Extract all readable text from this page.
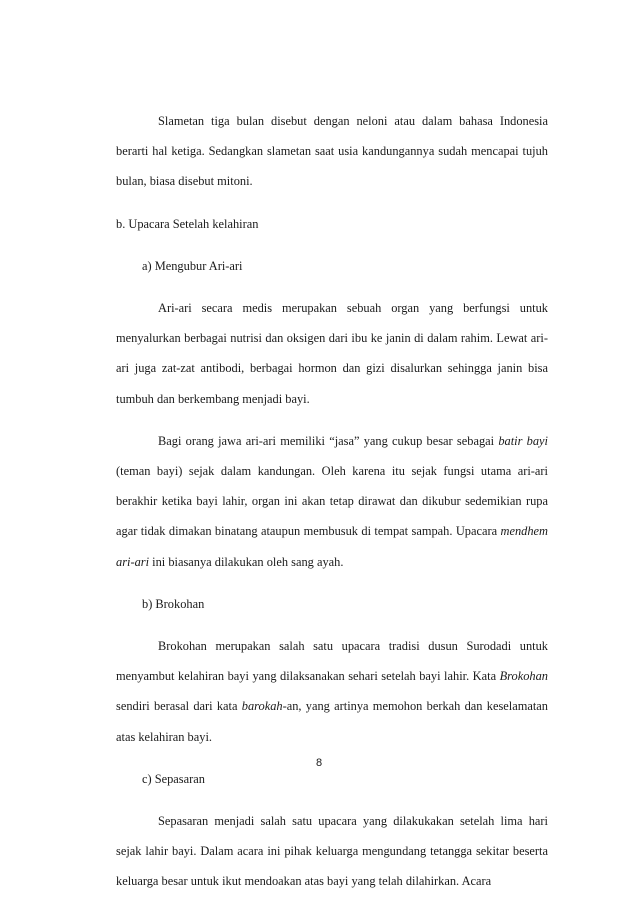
Slametan tiga bulan disebut dengan neloni atau dalam bahasa Indonesia berarti hal ketiga. Sedangkan slametan saat usia kandungannya sudah mencapai tujuh bulan, biasa disebut mitoni.

b. Upacara Setelah kelahiran

a) Mengubur Ari-ari

Ari-ari secara medis merupakan sebuah organ yang berfungsi untuk menyalurkan berbagai nutrisi dan oksigen dari ibu ke janin di dalam rahim. Lewat ari-ari juga zat-zat antibodi, berbagai hormon dan gizi disalurkan sehingga janin bisa tumbuh dan berkembang menjadi bayi.

Bagi orang jawa ari-ari memiliki “jasa” yang cukup besar sebagai batir bayi (teman bayi) sejak dalam kandungan. Oleh karena itu sejak fungsi utama ari-ari berakhir ketika bayi lahir, organ ini akan tetap dirawat dan dikubur sedemikian rupa agar tidak dimakan binatang ataupun membusuk di tempat sampah. Upacara mendhem ari-ari ini biasanya dilakukan oleh sang ayah.

b) Brokohan

Brokohan merupakan salah satu upacara tradisi dusun Surodadi untuk menyambut kelahiran bayi yang dilaksanakan sehari setelah bayi lahir. Kata Brokohan sendiri berasal dari kata barokah-an, yang artinya memohon berkah dan keselamatan atas kelahiran bayi.

c) Sepasaran

Sepasaran menjadi salah satu upacara yang dilakukakan setelah lima hari sejak lahir bayi. Dalam acara ini pihak keluarga mengundang tetangga sekitar beserta keluarga besar untuk ikut mendoakan atas bayi yang telah dilahirkan. Acara

8
